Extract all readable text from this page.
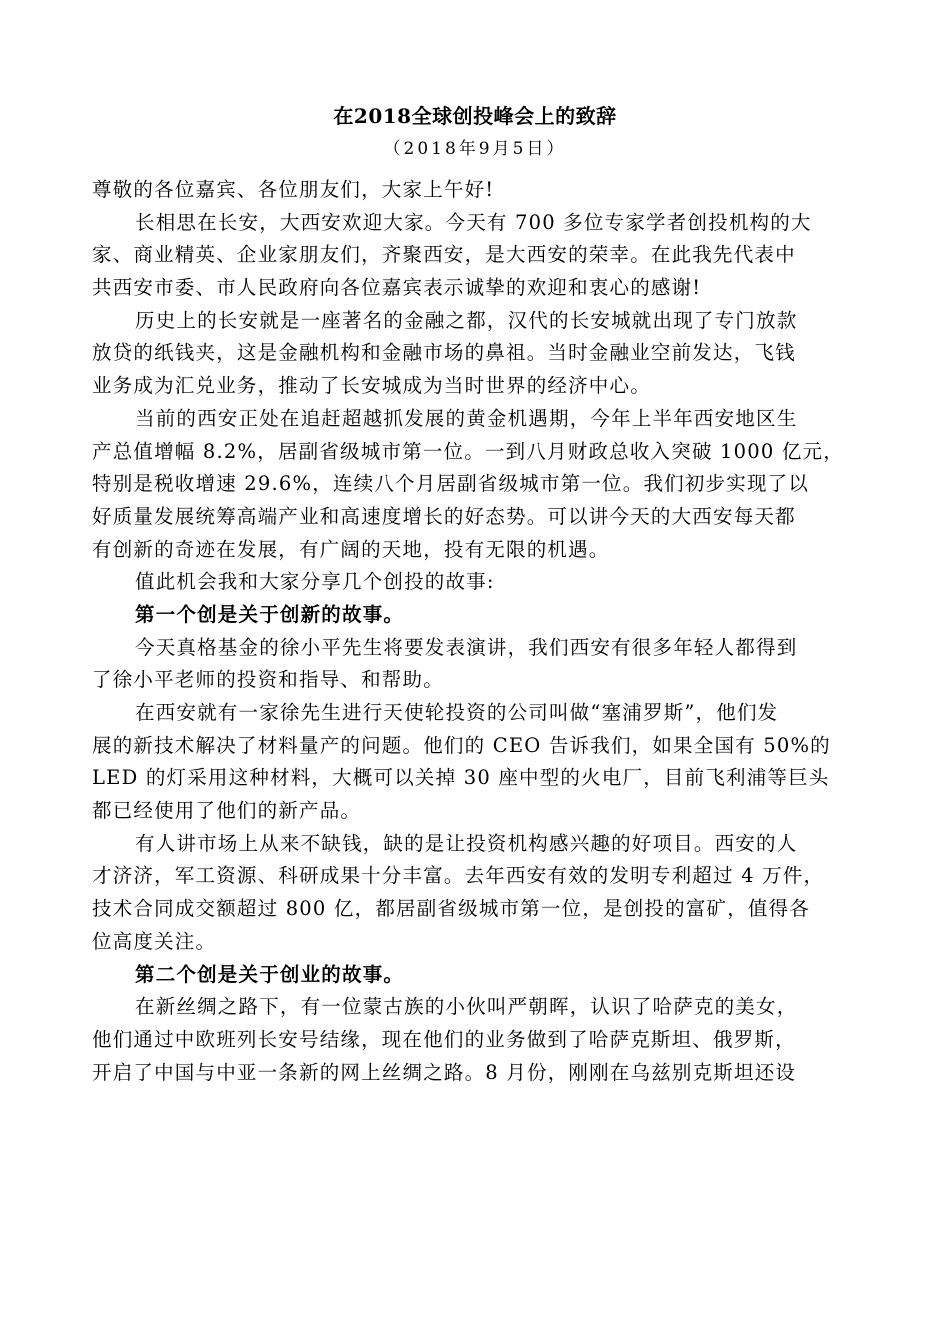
在2018全球创投峰会上的致辞
（2018年9月5日）
尊敬的各位嘉宾、各位朋友们，大家上午好!
长相思在长安，大西安欢迎大家。今天有 700 多位专家学者创投机构的大
家、商业精英、企业家朋友们，齐聚西安，是大西安的荣幸。在此我先代表中
共西安市委、市人民政府向各位嘉宾表示诚挚的欢迎和衷心的感谢!
历史上的长安就是一座著名的金融之都，汉代的长安城就出现了专门放款
放贷的纸钱夹，这是金融机构和金融市场的鼻祖。当时金融业空前发达，飞钱
业务成为汇兑业务，推动了长安城成为当时世界的经济中心。
当前的西安正处在追赶超越抓发展的黄金机遇期，今年上半年西安地区生
产总值增幅 8.2%，居副省级城市第一位。一到八月财政总收入突破 1000 亿元，
特别是税收增速 29.6%，连续八个月居副省级城市第一位。我们初步实现了以
好质量发展统筹高端产业和高速度增长的好态势。可以讲今天的大西安每天都
有创新的奇迹在发展，有广阔的天地，投有无限的机遇。
值此机会我和大家分享几个创投的故事:
第一个创是关于创新的故事。
今天真格基金的徐小平先生将要发表演讲，我们西安有很多年轻人都得到
了徐小平老师的投资和指导、和帮助。
在西安就有一家徐先生进行天使轮投资的公司叫做“塞浦罗斯”，他们发
展的新技术解决了材料量产的问题。他们的 CEO 告诉我们，如果全国有 50%的
LED 的灯采用这种材料，大概可以关掉 30 座中型的火电厂，目前飞利浦等巨头
都已经使用了他们的新产品。
有人讲市场上从来不缺钱，缺的是让投资机构感兴趣的好项目。西安的人
才济济，军工资源、科研成果十分丰富。去年西安有效的发明专利超过 4 万件，
技术合同成交额超过 800 亿，都居副省级城市第一位，是创投的富矿，值得各
位高度关注。
第二个创是关于创业的故事。
在新丝绸之路下，有一位蒙古族的小伙叫严朝晖，认识了哈萨克的美女，
他们通过中欧班列长安号结缘，现在他们的业务做到了哈萨克斯坦、俄罗斯，
开启了中国与中亚一条新的网上丝绸之路。8 月份，刚刚在乌兹别克斯坦还设
